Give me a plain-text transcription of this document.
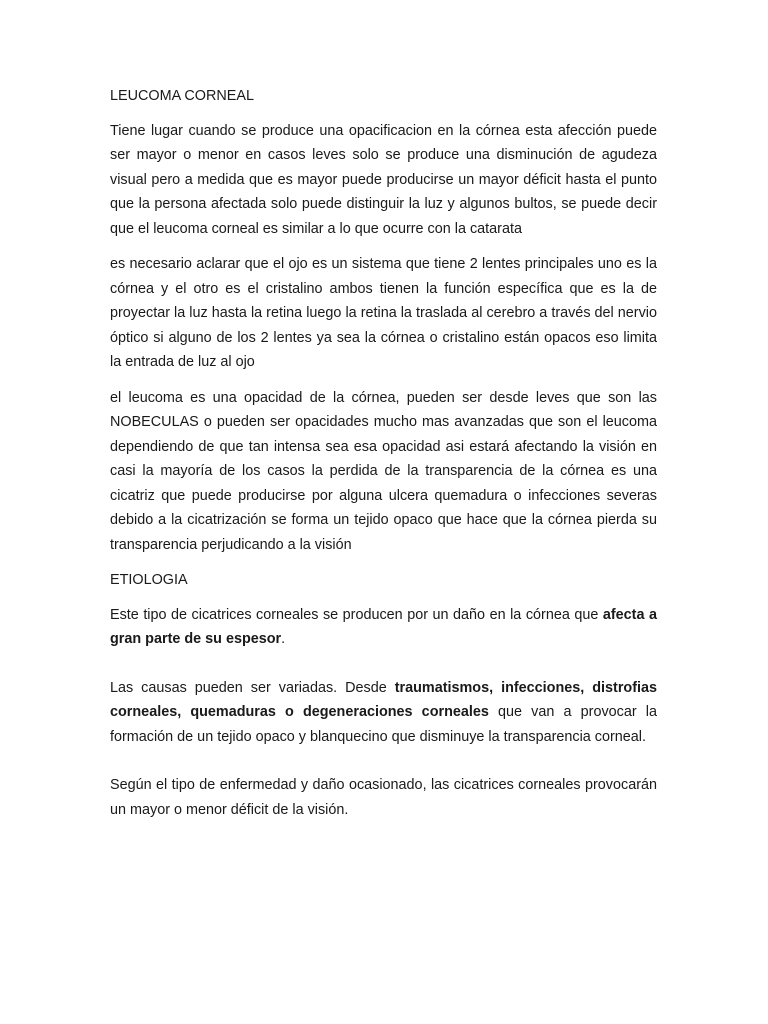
LEUCOMA CORNEAL

Tiene lugar cuando se produce una opacificacion en la córnea esta afección puede ser mayor o menor en casos leves solo se produce una disminución de agudeza visual pero a medida que es mayor puede producirse un mayor déficit hasta el punto que la persona afectada solo puede distinguir la luz y algunos bultos, se puede decir que el leucoma corneal es similar a lo que ocurre con la catarata

es necesario aclarar que el ojo es un sistema que tiene 2 lentes principales uno es la córnea y el otro es el cristalino ambos tienen la función específica que es la de proyectar la luz hasta la retina luego la retina la traslada al cerebro a través del nervio óptico si alguno de los 2 lentes ya sea la córnea o cristalino están opacos eso limita la entrada de luz al ojo

el leucoma es una opacidad de la córnea, pueden ser desde leves que son las NOBECULAS o pueden ser opacidades mucho mas avanzadas que son el leucoma dependiendo de que tan intensa sea esa opacidad asi estará afectando la visión en casi la mayoría de los casos la perdida de la transparencia de la córnea es una cicatriz que puede producirse por alguna ulcera quemadura o infecciones severas debido a la cicatrización se forma un tejido opaco que hace que la córnea pierda su transparencia perjudicando a la visión

ETIOLOGIA

Este tipo de cicatrices corneales se producen por un daño en la córnea que afecta a gran parte de su espesor.

Las causas pueden ser variadas. Desde traumatismos, infecciones, distrofias corneales, quemaduras o degeneraciones corneales que van a provocar la formación de un tejido opaco y blanquecino que disminuye la transparencia corneal.

Según el tipo de enfermedad y daño ocasionado, las cicatrices corneales provocarán un mayor o menor déficit de la visión.
